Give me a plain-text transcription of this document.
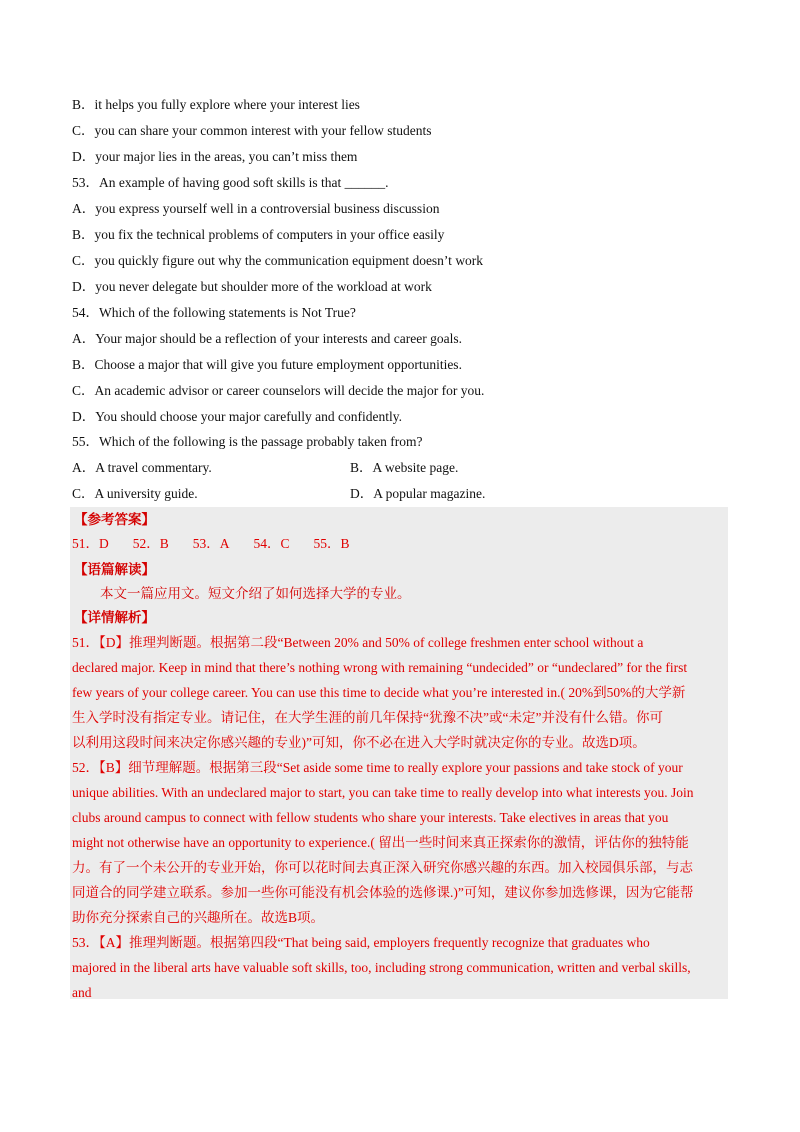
B．it helps you fully explore where your interest lies
C．you can share your common interest with your fellow students
D．your major lies in the areas, you can’t miss them
53．An example of having good soft skills is that ______.
A．you express yourself well in a controversial business discussion
B．you fix the technical problems of computers in your office easily
C．you quickly figure out why the communication equipment doesn’t work
D．you never delegate but shoulder more of the workload at work
54．Which of the following statements is Not True?
A．Your major should be a reflection of your interests and career goals.
B．Choose a major that will give you future employment opportunities.
C．An academic advisor or career counselors will decide the major for you.
D．You should choose your major carefully and confidently.
55．Which of the following is the passage probably taken from?
A．A travel commentary.	B．A website page.
C．A university guide.	D．A popular magazine.
【参考答案】
51．D 52．B 53．A 54．C 55．B
【语篇解读】
本文一篇应用文。短文介绍了如何选择大学的专业。
【详情解析】
51．【D】推理判断题。根据第二段“Between 20% and 50% of college freshmen enter school without a
declared major. Keep in mind that there’s nothing wrong with remaining “undecided” or “undeclared” for the first
few years of your college career. You can use this time to decide what you’re interested in.( 20%到50%的大学新
生入学时没有指定专业。请记住，在大学生涯的前几年保持“犹豫不决”或“未定”并没有什么错。你可
以利用这段时间来决定你感兴趣的专业)”可知，你不必在进入大学时就决定你的专业。故选D项。
52．【B】细节理解题。根据第三段“Set aside some time to really explore your passions and take stock of your
unique abilities. With an undeclared major to start, you can take time to really develop into what interests you. Join
clubs around campus to connect with fellow students who share your interests. Take electives in areas that you
might not otherwise have an opportunity to experience.( 留出一些时间来真正探索你的激情，评估你的独特能
力。有了一个未公开的专业开始，你可以花时间去真正深入研究你感兴趣的东西。加入校园俱乐部，与志
同道合的同学建立联系。参加一些你可能没有机会体验的选修课.)”可知，建议你参加选修课，因为它能帮
助你充分探索自己的兴趣所在。故选B项。
53．【A】推理判断题。根据第四段“That being said, employers frequently recognize that graduates who
majored in the liberal arts have valuable soft skills, too, including strong communication, written and verbal skills,
and
